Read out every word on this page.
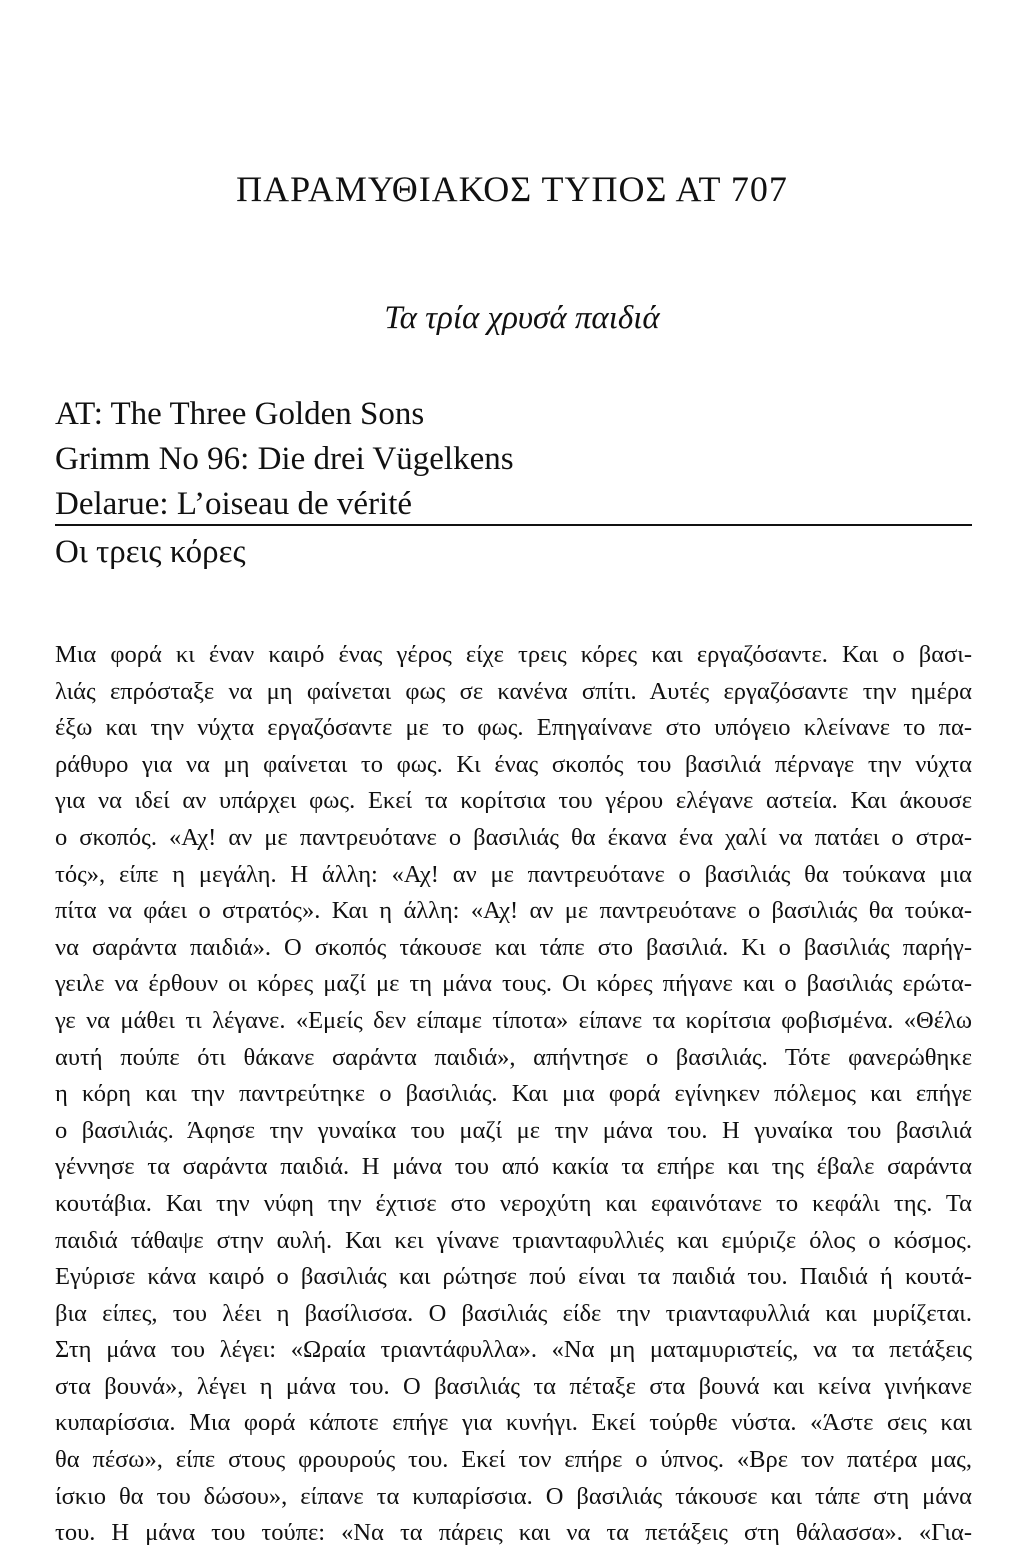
ΠΑΡΑΜΥΘΙΑΚΟΣ ΤΥΠΟΣ ΑΤ 707
Τα τρία χρυσά παιδιά
AT: The Three Golden Sons
Grimm No 96: Die drei Vügelkens
Delarue: L’oiseau de vérité
Οι τρεις κόρες
Μια φορά κι έναν καιρό ένας γέρος είχε τρεις κόρες και εργαζόσαντε. Και ο βασι-
λιάς επρόσταξε να μη φαίνεται φως σε κανένα σπίτι. Αυτές εργαζόσαντε την ημέρα
έξω και την νύχτα εργαζόσαντε με το φως. Επηγαίνανε στο υπόγειο κλείνανε το πα-
ράθυρο για να μη φαίνεται το φως. Κι ένας σκοπός του βασιλιά πέρναγε την νύχτα
για να ιδεί αν υπάρχει φως. Εκεί τα κορίτσια του γέρου ελέγανε αστεία. Και άκουσε
ο σκοπός. «Αχ! αν με παντρευότανε ο βασιλιάς θα έκανα ένα χαλί να πατάει ο στρα-
τός», είπε η μεγάλη. Η άλλη: «Αχ! αν με παντρευότανε ο βασιλιάς θα τούκανα μια
πίτα να φάει ο στρατός». Και η άλλη: «Αχ! αν με παντρευότανε ο βασιλιάς θα τούκα-
να σαράντα παιδιά». Ο σκοπός τάκουσε και τάπε στο βασιλιά. Κι ο βασιλιάς παρήγ-
γειλε να έρθουν οι κόρες μαζί με τη μάνα τους. Οι κόρες πήγανε και ο βασιλιάς ερώτα-
γε να μάθει τι λέγανε. «Εμείς δεν είπαμε τίποτα» είπανε τα κορίτσια φοβισμένα. «Θέλω
αυτή πούπε ότι θάκανε σαράντα παιδιά», απήντησε ο βασιλιάς. Τότε φανερώθηκε
η κόρη και την παντρεύτηκε ο βασιλιάς. Και μια φορά εγίνηκεν πόλεμος και επήγε
ο βασιλιάς. Άφησε την γυναίκα του μαζί με την μάνα του. Η γυναίκα του βασιλιά
γέννησε τα σαράντα παιδιά. Η μάνα του από κακία τα επήρε και της έβαλε σαράντα
κουτάβια. Και την νύφη την έχτισε στο νεροχύτη και εφαινότανε το κεφάλι της. Τα
παιδιά τάθαψε στην αυλή. Και κει γίνανε τριανταφυλλιές και εμύριζε όλος ο κόσμος.
Εγύρισε κάνα καιρό ο βασιλιάς και ρώτησε πού είναι τα παιδιά του. Παιδιά ή κουτά-
βια είπες, του λέει η βασίλισσα. Ο βασιλιάς είδε την τριανταφυλλιά και μυρίζεται.
Στη μάνα του λέγει: «Ωραία τριαντάφυλλα». «Να μη ματαμυριστείς, να τα πετάξεις
στα βουνά», λέγει η μάνα του. Ο βασιλιάς τα πέταξε στα βουνά και κείνα γινήκανε
κυπαρίσσια. Μια φορά κάποτε επήγε για κυνήγι. Εκεί τούρθε νύστα. «Άστε σεις και
θα πέσω», είπε στους φρουρούς του. Εκεί τον επήρε ο ύπνος. «Βρε τον πατέρα μας,
ίσκιο θα του δώσου», είπανε τα κυπαρίσσια. Ο βασιλιάς τάκουσε και τάπε στη μάνα
του. Η μάνα του τούπε: «Να τα πάρεις και να τα πετάξεις στη θάλασσα». «Για-
